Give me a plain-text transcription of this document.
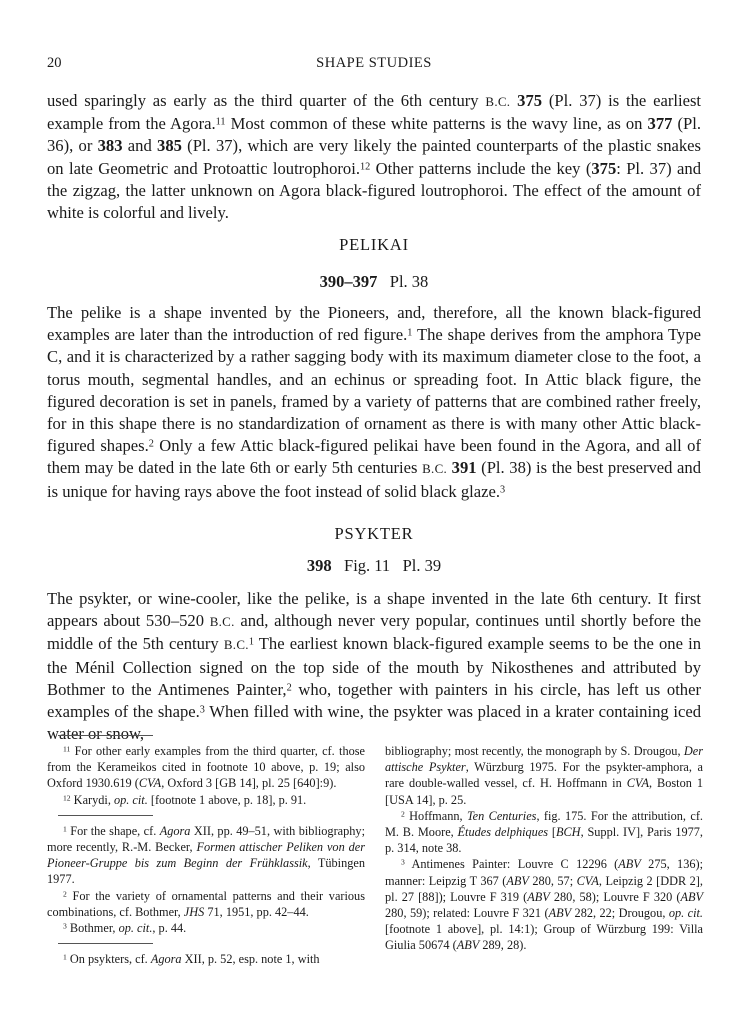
20	SHAPE STUDIES

used sparingly as early as the third quarter of the 6th century B.C. 375 (Pl. 37) is the earliest example from the Agora.$^{11}$ Most common of these white patterns is the wavy line, as on 377 (Pl. 36), or 383 and 385 (Pl. 37), which are very likely the painted counterparts of the plastic snakes on late Geometric and Protoattic loutrophoroi.$^{12}$ Other patterns include the key (375: Pl. 37) and the zigzag, the latter unknown on Agora black-figured loutrophoroi. The effect of the amount of white is colorful and lively.

PELIKAI
390–397 Pl. 38

The pelike is a shape invented by the Pioneers, and, therefore, all the known black-figured examples are later than the introduction of red figure.$^1$ The shape derives from the amphora Type C, and it is characterized by a rather sagging body with its maximum diameter close to the foot, a torus mouth, segmental handles, and an echinus or spreading foot. In Attic black figure, the figured decoration is set in panels, framed by a variety of patterns that are combined rather freely, for in this shape there is no standardization of ornament as there is with many other Attic black-figured shapes.$^2$ Only a few Attic black-figured pelikai have been found in the Agora, and all of them may be dated in the late 6th or early 5th centuries B.C. 391 (Pl. 38) is the best preserved and is unique for having rays above the foot instead of solid black glaze.$^3$

PSYKTER
398 Fig. 11 Pl. 39

The psykter, or wine-cooler, like the pelike, is a shape invented in the late 6th century. It first appears about 530–520 B.C. and, although never very popular, continues until shortly before the middle of the 5th century B.C.$^1$ The earliest known black-figured example seems to be the one in the Ménil Collection signed on the top side of the mouth by Nikosthenes and attributed by Bothmer to the Antimenes Painter,$^2$ who, together with painters in his circle, has left us other examples of the shape.$^3$ When filled with wine, the psykter was placed in a krater containing iced water or snow,

$^{11}$ For other early examples from the third quarter, cf. those from the Kerameikos cited in footnote 10 above, p. 19; also Oxford 1930.619 (CVA, Oxford 3 [GB 14], pl. 25 [640]:9).

$^{12}$ Karydi, op. cit. [footnote 1 above, p. 18], p. 91.

$^1$ For the shape, cf. Agora XII, pp. 49–51, with bibliography; more recently, R.-M. Becker, Formen attischer Peliken von der Pioneer-Gruppe bis zum Beginn der Frühklassik, Tübingen 1977.

$^2$ For the variety of ornamental patterns and their various combinations, cf. Bothmer, JHS 71, 1951, pp. 42–44.

$^3$ Bothmer, op. cit., p. 44.

$^1$ On psykters, cf. Agora XII, p. 52, esp. note 1, with

bibliography; most recently, the monograph by S. Drougou, Der attische Psykter, Würzburg 1975. For the psykter-amphora, a rare double-walled vessel, cf. H. Hoffmann in CVA, Boston 1 [USA 14], p. 25.

$^2$ Hoffmann, Ten Centuries, fig. 175. For the attribution, cf. M. B. Moore, Études delphiques [BCH, Suppl. IV], Paris 1977, p. 314, note 38.

$^3$ Antimenes Painter: Louvre C 12296 (ABV 275, 136); manner: Leipzig T 367 (ABV 280, 57; CVA, Leipzig 2 [DDR 2], pl. 27 [88]); Louvre F 319 (ABV 280, 58); Louvre F 320 (ABV 280, 59); related: Louvre F 321 (ABV 282, 22; Drougou, op. cit. [footnote 1 above], pl. 14:1); Group of Würzburg 199: Villa Giulia 50674 (ABV 289, 28).
